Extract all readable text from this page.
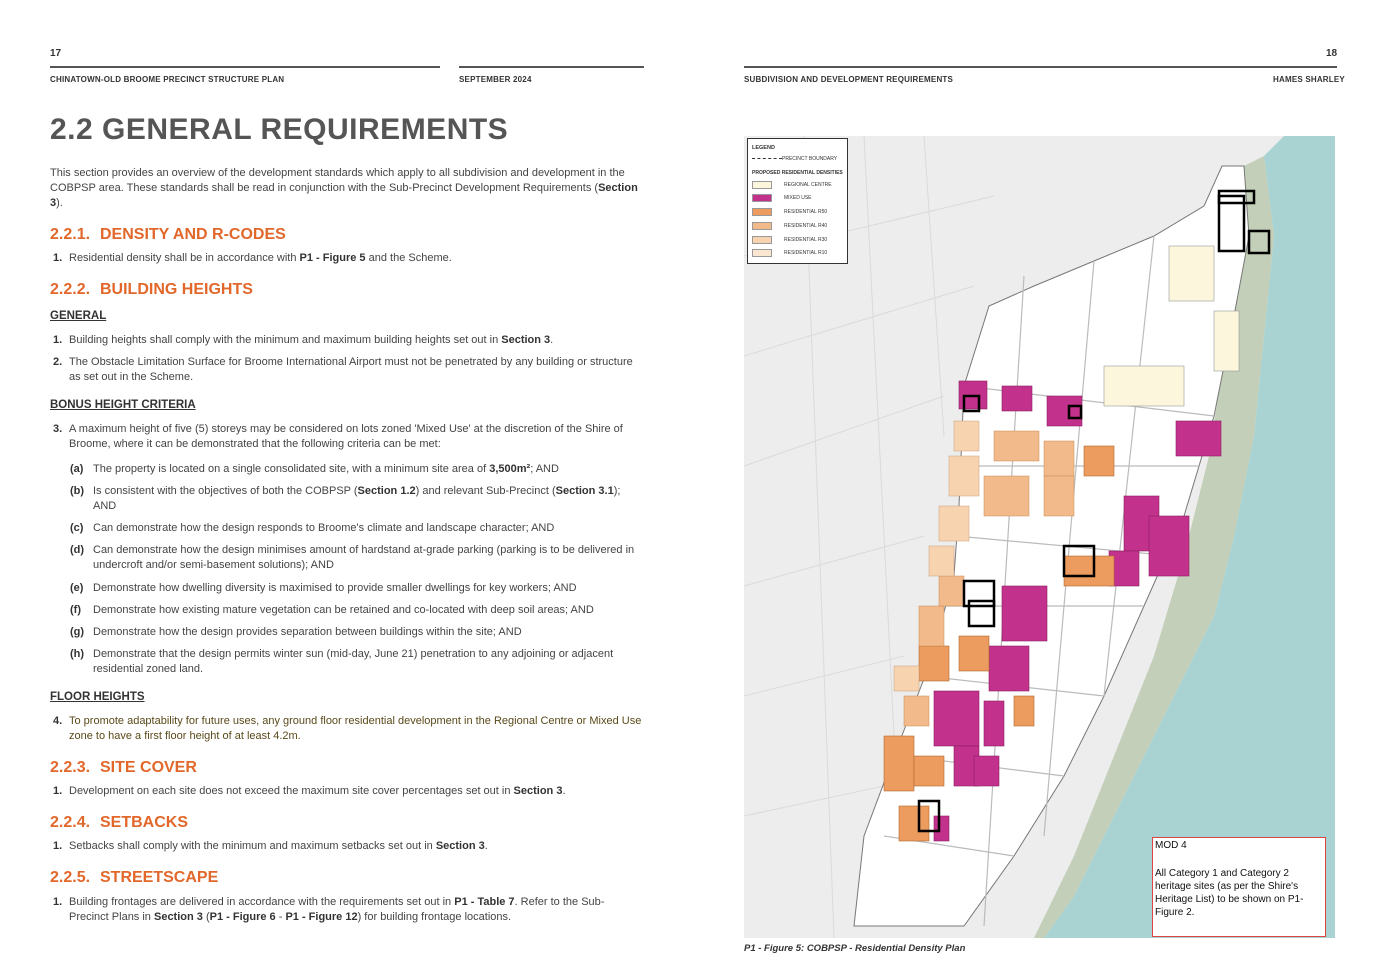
17
CHINATOWN-OLD BROOME PRECINCT STRUCTURE PLAN	SEPTEMBER 2024
2.2 GENERAL REQUIREMENTS
This section provides an overview of the development standards which apply to all subdivision and development in the COBPSP area. These standards shall be read in conjunction with the Sub-Precinct Development Requirements (Section 3).
2.2.1. DENSITY AND R-CODES
1. Residential density shall be in accordance with P1 - Figure 5 and the Scheme.
2.2.2. BUILDING HEIGHTS
GENERAL
1. Building heights shall comply with the minimum and maximum building heights set out in Section 3.
2. The Obstacle Limitation Surface for Broome International Airport must not be penetrated by any building or structure as set out in the Scheme.
BONUS HEIGHT CRITERIA
3. A maximum height of five (5) storeys may be considered on lots zoned 'Mixed Use' at the discretion of the Shire of Broome, where it can be demonstrated that the following criteria can be met:
(a) The property is located on a single consolidated site, with a minimum site area of 3,500m²; AND
(b) Is consistent with the objectives of both the COBPSP (Section 1.2) and relevant Sub-Precinct (Section 3.1); AND
(c) Can demonstrate how the design responds to Broome's climate and landscape character; AND
(d) Can demonstrate how the design minimises amount of hardstand at-grade parking (parking is to be delivered in undercroft and/or semi-basement solutions); AND
(e) Demonstrate how dwelling diversity is maximised to provide smaller dwellings for key workers; AND
(f)	Demonstrate how existing mature vegetation can be retained and co-located with deep soil areas; AND
(g) Demonstrate how the design provides separation between buildings within the site; AND
(h) Demonstrate that the design permits winter sun (mid-day, June 21) penetration to any adjoining or adjacent residential zoned land.
FLOOR HEIGHTS
4. To promote adaptability for future uses, any ground floor residential development in the Regional Centre or Mixed Use zone to have a first floor height of at least 4.2m.
2.2.3. SITE COVER
1. Development on each site does not exceed the maximum site cover percentages set out in Section 3.
2.2.4. SETBACKS
1. Setbacks shall comply with the minimum and maximum setbacks set out in Section 3.
2.2.5. STREETSCAPE
1. Building frontages are delivered in accordance with the requirements set out in P1 - Table 7. Refer to the Sub-Precinct Plans in Section 3 (P1 - Figure 6 - P1 - Figure 12) for building frontage locations.
18
SUBDIVISION AND DEVELOPMENT REQUIREMENTS	HAMES SHARLEY
LEGEND
PRECINCT BOUNDARY
PROPOSED RESIDENTIAL DENSITIES
REGIONAL CENTRE
MIXED USE
RESIDENTIAL R50
RESIDENTIAL R40
RESIDENTIAL R30
RESIDENTIAL R10
MOD 4
All Category 1 and Category 2 heritage sites (as per the Shire's Heritage List) to be shown on P1-Figure 2.
P1 - Figure 5: COBPSP - Residential Density Plan
